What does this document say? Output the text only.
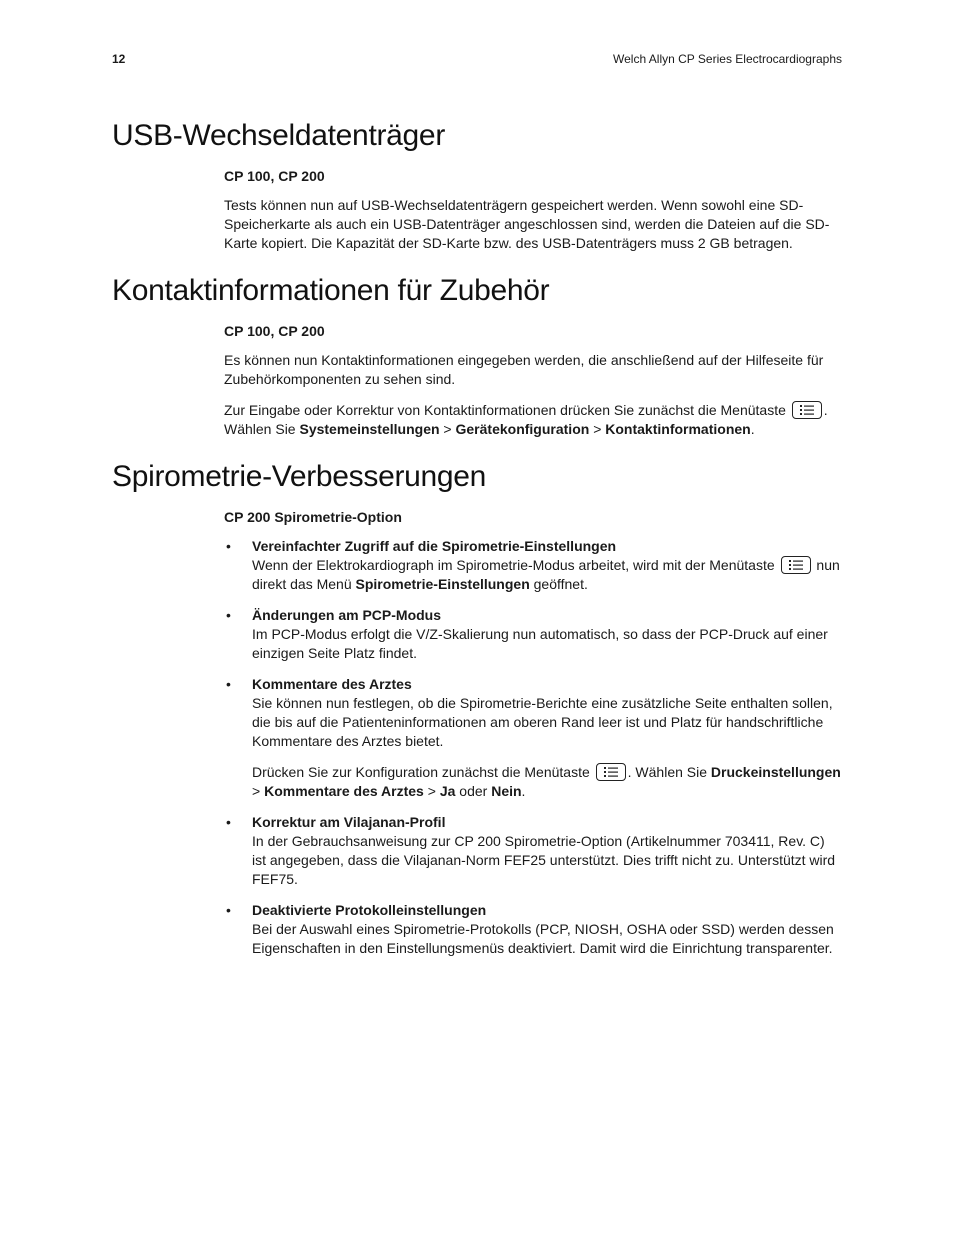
12	Welch Allyn CP Series Electrocardiographs
USB-Wechseldatenträger
CP 100, CP 200

Tests können nun auf USB-Wechseldatenträgern gespeichert werden. Wenn sowohl eine SD-Speicherkarte als auch ein USB-Datenträger angeschlossen sind, werden die Dateien auf die SD-Karte kopiert. Die Kapazität der SD-Karte bzw. des USB-Datenträgers muss 2 GB betragen.

Kontaktinformationen für Zubehör
CP 100, CP 200

Es können nun Kontaktinformationen eingegeben werden, die anschließend auf der Hilfeseite für Zubehörkomponenten zu sehen sind.

Zur Eingabe oder Korrektur von Kontaktinformationen drücken Sie zunächst die Menütaste	. Wählen Sie Systemeinstellungen > Gerätekonfiguration > Kontaktinformationen.

Spirometrie-Verbesserungen
CP 200 Spirometrie-Option
• Vereinfachter Zugriff auf die Spirometrie-Einstellungen

Wenn der Elektrokardiograph im Spirometrie-Modus arbeitet, wird mit der Menütaste	nun direkt das Menü Spirometrie-Einstellungen geöffnet.

• Änderungen am PCP-Modus

Im PCP-Modus erfolgt die V/Z-Skalierung nun automatisch, so dass der PCP-Druck auf einer einzigen Seite Platz findet.

• Kommentare des Arztes

Sie können nun festlegen, ob die Spirometrie-Berichte eine zusätzliche Seite enthalten sollen, die bis auf die Patienteninformationen am oberen Rand leer ist und Platz für handschriftliche Kommentare des Arztes bietet.

Drücken Sie zur Konfiguration zunächst die Menütaste	. Wählen Sie Druckeinstellungen > Kommentare des Arztes > Ja oder Nein.

• Korrektur am Vilajanan-Profil

In der Gebrauchsanweisung zur CP 200 Spirometrie-Option (Artikelnummer 703411, Rev. C) ist angegeben, dass die Vilajanan-Norm FEF25 unterstützt. Dies trifft nicht zu. Unterstützt wird FEF75.

• Deaktivierte Protokolleinstellungen

Bei der Auswahl eines Spirometrie-Protokolls (PCP, NIOSH, OSHA oder SSD) werden dessen Eigenschaften in den Einstellungsmenüs deaktiviert. Damit wird die Einrichtung transparenter.
